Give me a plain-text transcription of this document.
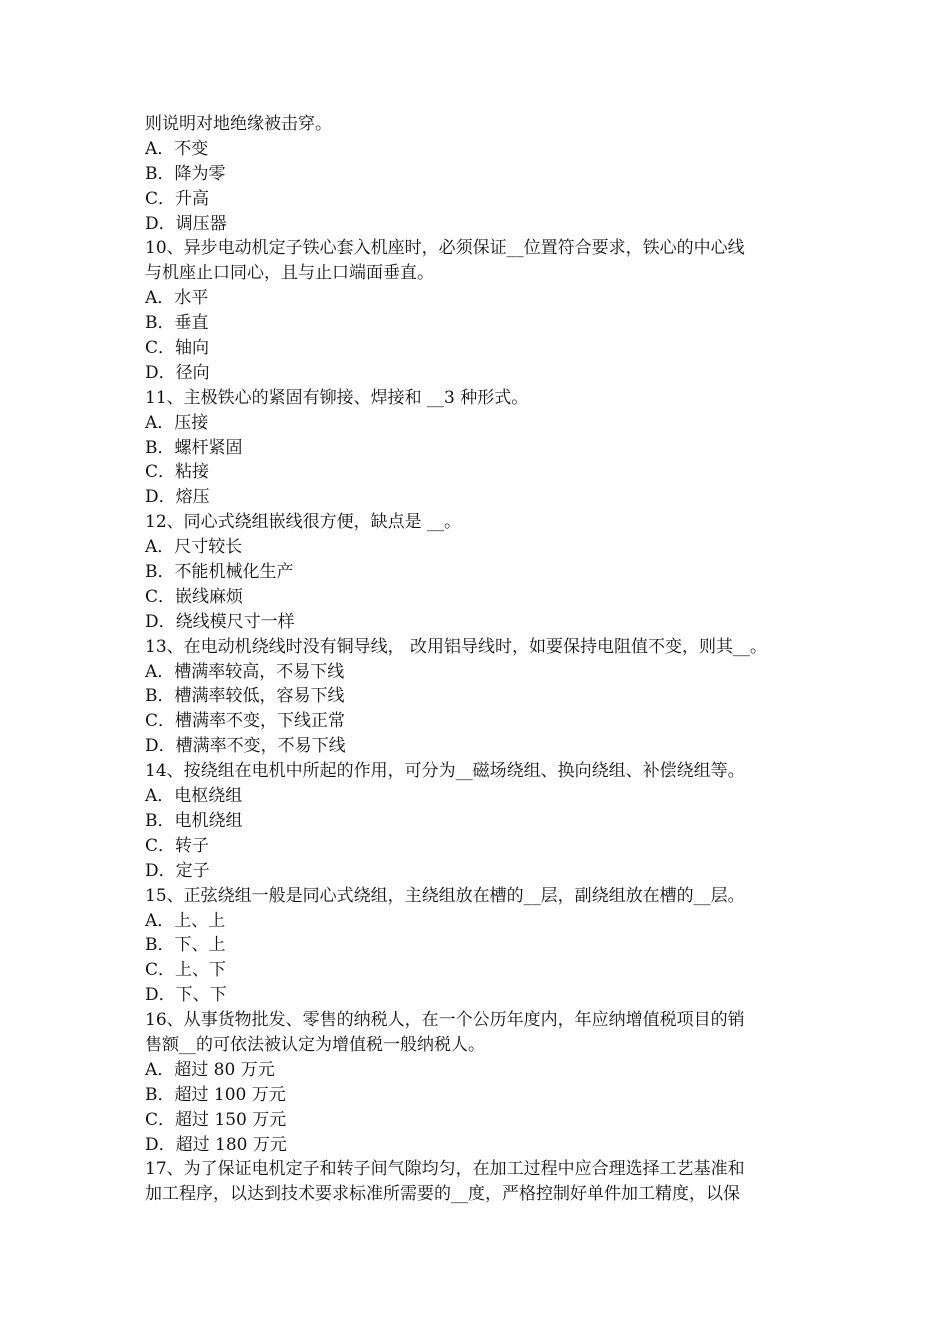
则说明对地绝缘被击穿。
A．不变
B．降为零
C．升高
D．调压器
10、异步电动机定子铁心套入机座时，必须保证__位置符合要求，铁心的中心线
与机座止口同心，且与止口端面垂直。
A．水平
B．垂直
C．轴向
D．径向
11、主极铁心的紧固有铆接、焊接和 __3 种形式。
A．压接
B．螺杆紧固
C．粘接
D．熔压
12、同心式绕组嵌线很方便，缺点是 __。
A．尺寸较长
B．不能机械化生产
C．嵌线麻烦
D．绕线模尺寸一样
13、在电动机绕线时没有铜导线， 改用铝导线时，如要保持电阻值不变，则其__。
A．槽满率较高，不易下线
B．槽满率较低，容易下线
C．槽满率不变，下线正常
D．槽满率不变，不易下线
14、按绕组在电机中所起的作用，可分为__磁场绕组、换向绕组、补偿绕组等。
A．电枢绕组
B．电机绕组
C．转子
D．定子
15、正弦绕组一般是同心式绕组，主绕组放在槽的__层，副绕组放在槽的__层。
A．上、上
B．下、上
C．上、下
D．下、下
16、从事货物批发、零售的纳税人，在一个公历年度内，年应纳增值税项目的销
售额__的可依法被认定为增值税一般纳税人。
A．超过 80 万元
B．超过 100 万元
C．超过 150 万元
D．超过 180 万元
17、为了保证电机定子和转子间气隙均匀，在加工过程中应合理选择工艺基准和
加工程序，以达到技术要求标准所需要的__度，严格控制好单件加工精度，以保
